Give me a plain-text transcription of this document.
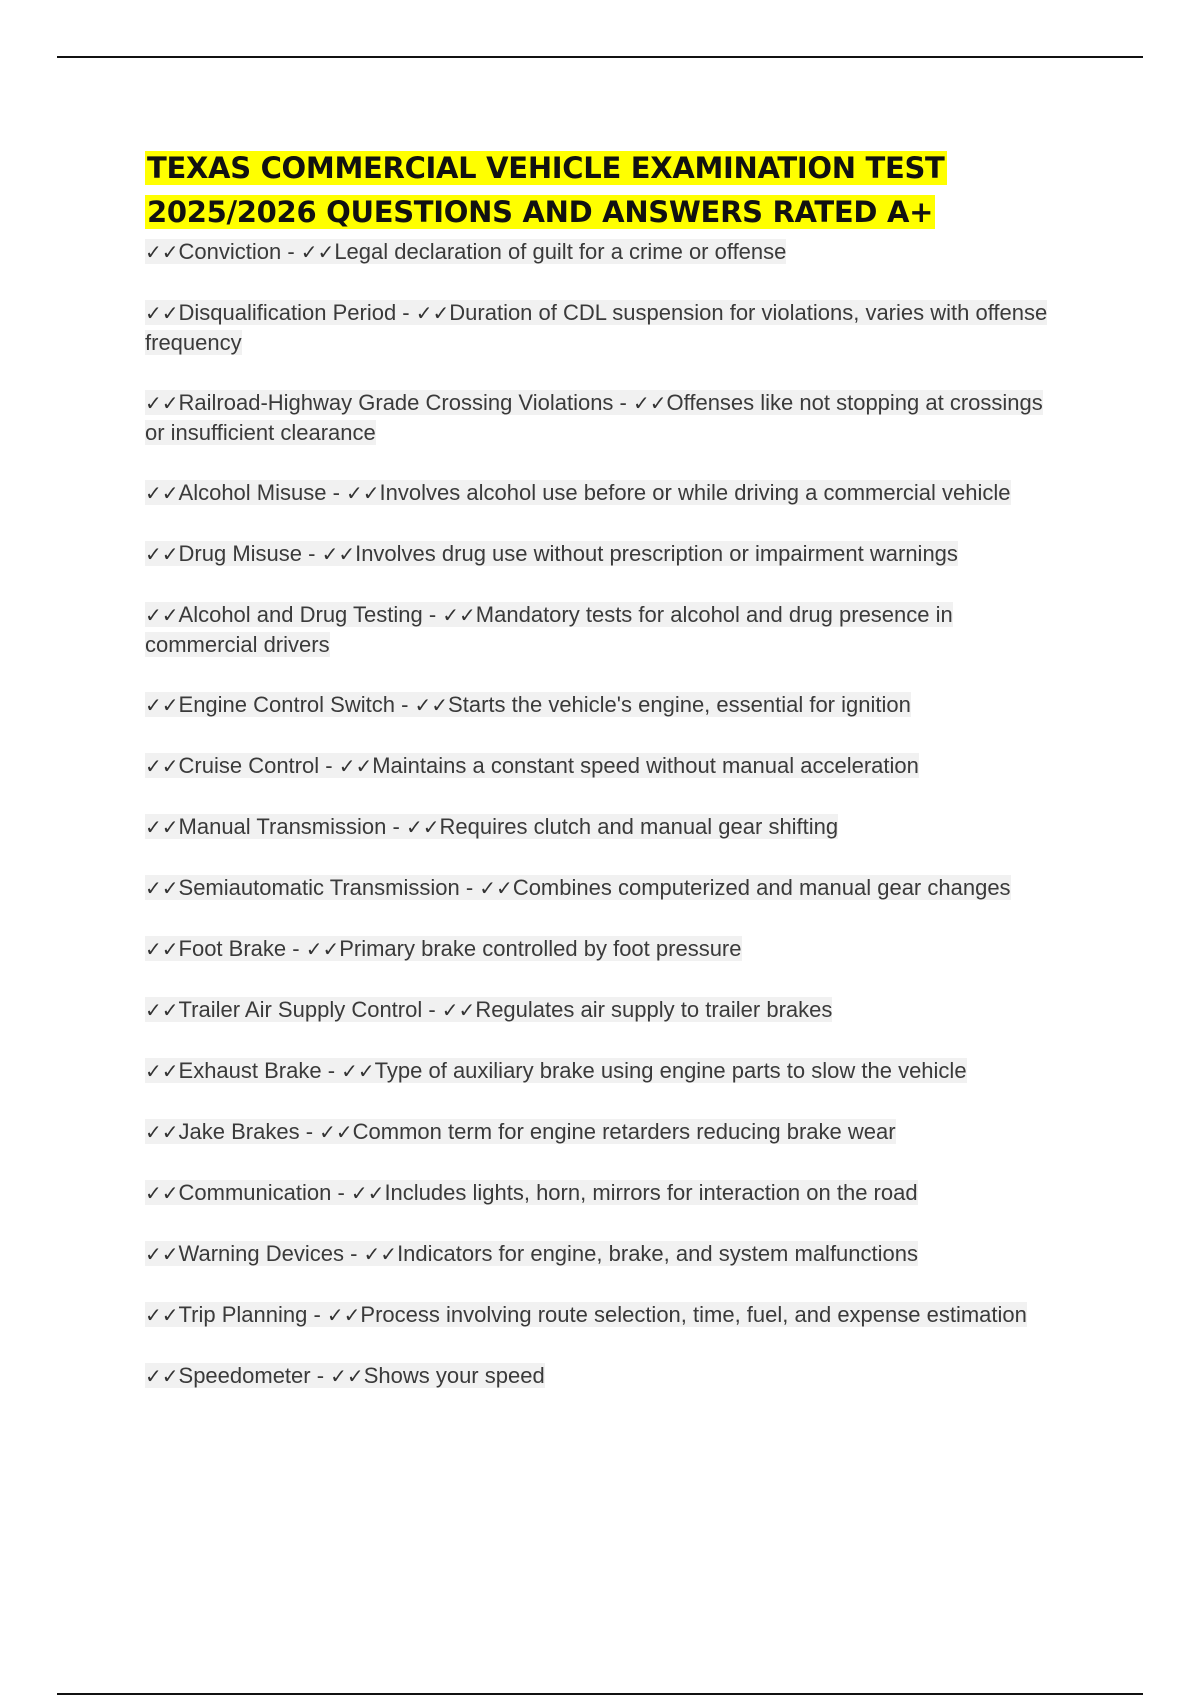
TEXAS COMMERCIAL VEHICLE EXAMINATION TEST 2025/2026 QUESTIONS AND ANSWERS RATED A+
✓✓Conviction - ✓✓Legal declaration of guilt for a crime or offense
✓✓Disqualification Period - ✓✓Duration of CDL suspension for violations, varies with offense frequency
✓✓Railroad-Highway Grade Crossing Violations - ✓✓Offenses like not stopping at crossings or insufficient clearance
✓✓Alcohol Misuse - ✓✓Involves alcohol use before or while driving a commercial vehicle
✓✓Drug Misuse - ✓✓Involves drug use without prescription or impairment warnings
✓✓Alcohol and Drug Testing - ✓✓Mandatory tests for alcohol and drug presence in commercial drivers
✓✓Engine Control Switch - ✓✓Starts the vehicle's engine, essential for ignition
✓✓Cruise Control - ✓✓Maintains a constant speed without manual acceleration
✓✓Manual Transmission - ✓✓Requires clutch and manual gear shifting
✓✓Semiautomatic Transmission - ✓✓Combines computerized and manual gear changes
✓✓Foot Brake - ✓✓Primary brake controlled by foot pressure
✓✓Trailer Air Supply Control - ✓✓Regulates air supply to trailer brakes
✓✓Exhaust Brake - ✓✓Type of auxiliary brake using engine parts to slow the vehicle
✓✓Jake Brakes - ✓✓Common term for engine retarders reducing brake wear
✓✓Communication - ✓✓Includes lights, horn, mirrors for interaction on the road
✓✓Warning Devices - ✓✓Indicators for engine, brake, and system malfunctions
✓✓Trip Planning - ✓✓Process involving route selection, time, fuel, and expense estimation
✓✓Speedometer - ✓✓Shows your speed
